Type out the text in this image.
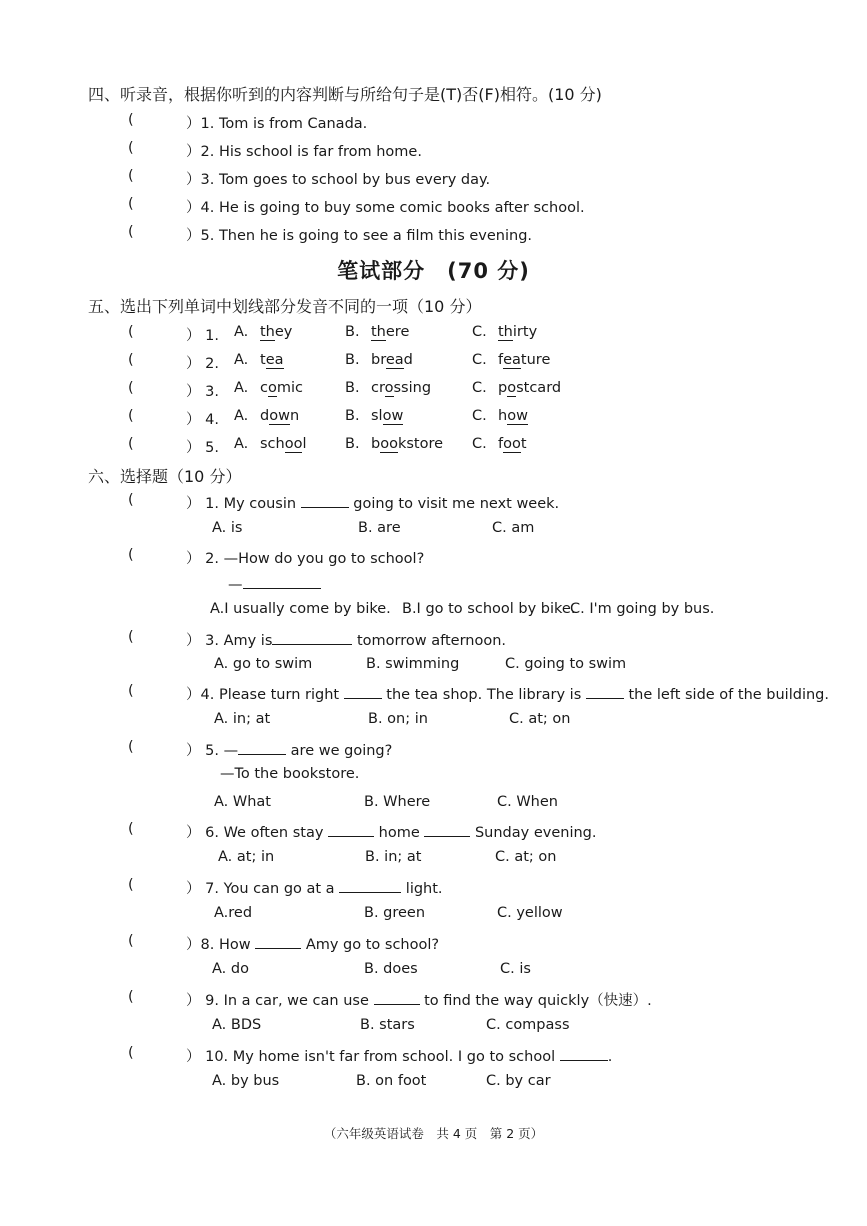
四、听录音，根据你听到的内容判断与所给句子是(T)否(F)相符。(10 分)
(	）1. Tom is from Canada.
(	）2. His school is far from home.
(	）3. Tom goes to school by bus every day.
(	）4. He is going to buy some comic books after school.
(	）5. Then he is going to see a film this evening.
笔试部分　(70 分)
五、选出下列单词中划线部分发音不同的一项（10 分）
(	） 1. A. they	B. there	C. thirty
(	） 2. A. tea	B. bread	C. feature
(	） 3. A. comic	B. crossing	C. postcard
(	） 4. A. down	B. slow	C. how
(	） 5. A. school	B. bookstore C. foot
六、选择题（10 分）
(	） 1. My cousin	going to visit me next week.
A. is	B. are	C. am
(	） 2. —How do you go to school?
—
A.I usually come by bike. B.I go to school by bike.
C. I'm going by bus.
(	） 3. Amy is	tomorrow afternoon.
A. go to swim	B. swimming	C. going to swim
(	）4. Please turn right	the tea shop. The library is	the left side of the building.
A. in; at	B. on; in	C. at; on
(	） 5. —	are we going?
—To the bookstore.
A. What	B. Where	C. When
(	） 6. We often stay	home	Sunday evening.
A. at; in	B. in; at	C. at; on
(	） 7. You can go at a	light.
A.red	B. green	C. yellow
(	）8. How	Amy go to school?
A. do	B. does	C. is
(	） 9. In a car, we can use	to find the way quickly（快速）.
A. BDS	B. stars	C. compass
(	） 10. My home isn't far from school. I go to school	.
A. by bus	B. on foot	C. by car
（六年级英语试卷　共 4 页　第 2 页）
